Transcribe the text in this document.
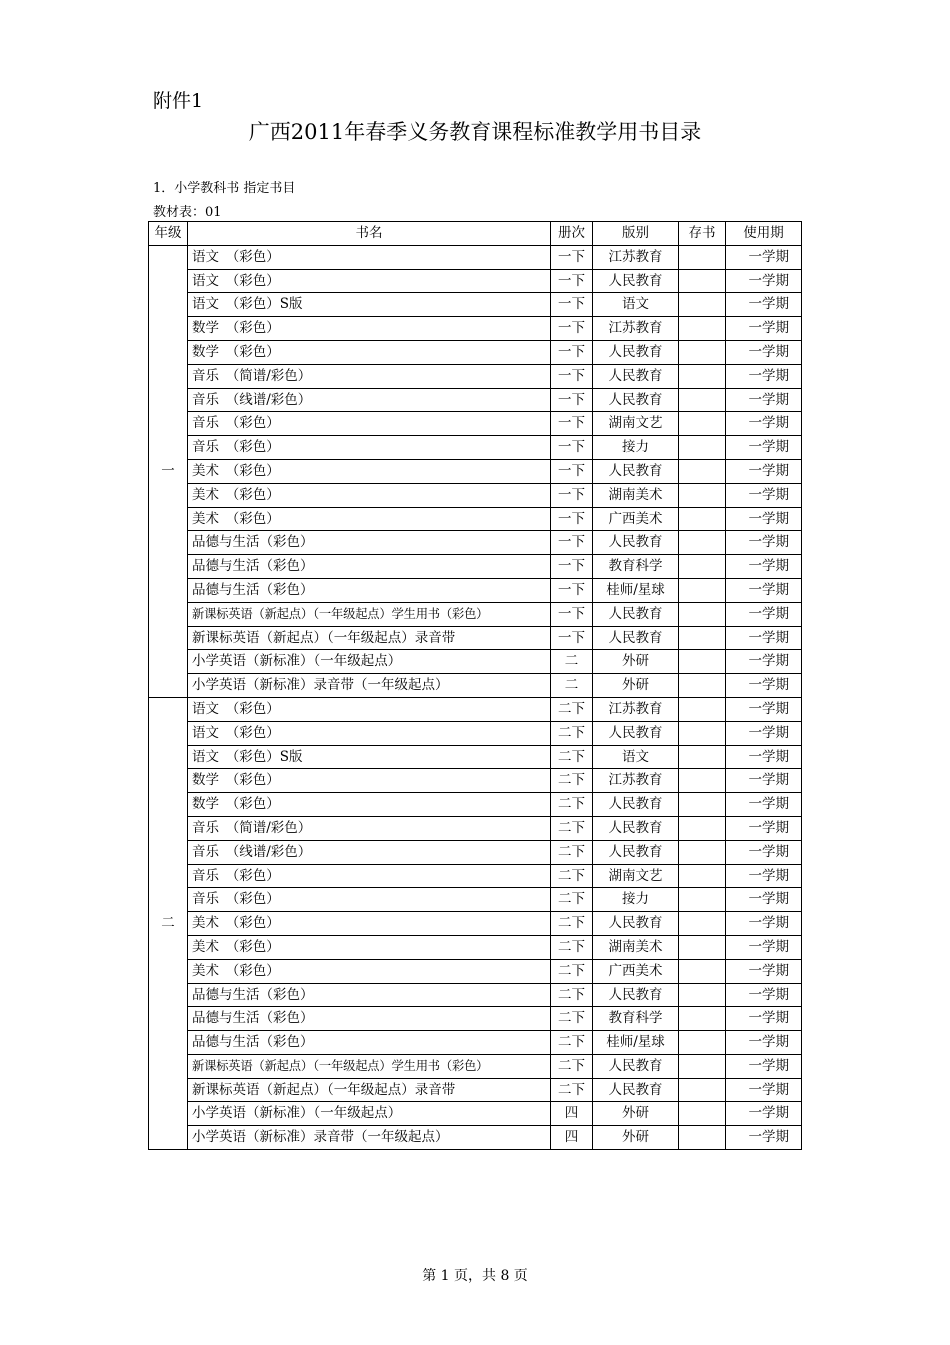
附件1
广西2011年春季义务教育课程标准教学用书目录
1．小学教科书 指定书目
教材表：01
年级	书名	册次	版别	存书	使用期
一	语文　（彩色）	一下	江苏教育		一学期
	语文　（彩色）	一下	人民教育		一学期
	语文　（彩色）S版	一下	语文		一学期
	数学　（彩色）	一下	江苏教育		一学期
	数学　（彩色）	一下	人民教育		一学期
	音乐　（简谱/彩色）	一下	人民教育		一学期
	音乐　（线谱/彩色）	一下	人民教育		一学期
	音乐　（彩色）	一下	湖南文艺		一学期
	音乐　（彩色）	一下	接力		一学期
	美术　（彩色）	一下	人民教育		一学期
	美术　（彩色）	一下	湖南美术		一学期
	美术　（彩色）	一下	广西美术		一学期
	品德与生活（彩色）	一下	人民教育		一学期
	品德与生活（彩色）	一下	教育科学		一学期
	品德与生活（彩色）	一下	桂师/星球		一学期
	新课标英语（新起点）（一年级起点）学生用书（彩色）	一下	人民教育		一学期
	新课标英语（新起点）（一年级起点）录音带	一下	人民教育		一学期
	小学英语（新标准）（一年级起点）	二	外研		一学期
	小学英语（新标准）录音带（一年级起点）	二	外研		一学期
二	语文　（彩色）	二下	江苏教育		一学期
	语文　（彩色）	二下	人民教育		一学期
	语文　（彩色）S版	二下	语文		一学期
	数学　（彩色）	二下	江苏教育		一学期
	数学　（彩色）	二下	人民教育		一学期
	音乐　（简谱/彩色）	二下	人民教育		一学期
	音乐　（线谱/彩色）	二下	人民教育		一学期
	音乐　（彩色）	二下	湖南文艺		一学期
	音乐　（彩色）	二下	接力		一学期
	美术　（彩色）	二下	人民教育		一学期
	美术　（彩色）	二下	湖南美术		一学期
	美术　（彩色）	二下	广西美术		一学期
	品德与生活（彩色）	二下	人民教育		一学期
	品德与生活（彩色）	二下	教育科学		一学期
	品德与生活（彩色）	二下	桂师/星球		一学期
	新课标英语（新起点）（一年级起点）学生用书（彩色）	二下	人民教育		一学期
	新课标英语（新起点）（一年级起点）录音带	二下	人民教育		一学期
	小学英语（新标准）（一年级起点）	四	外研		一学期
	小学英语（新标准）录音带（一年级起点）	四	外研		一学期
第 1 页，共 8 页
